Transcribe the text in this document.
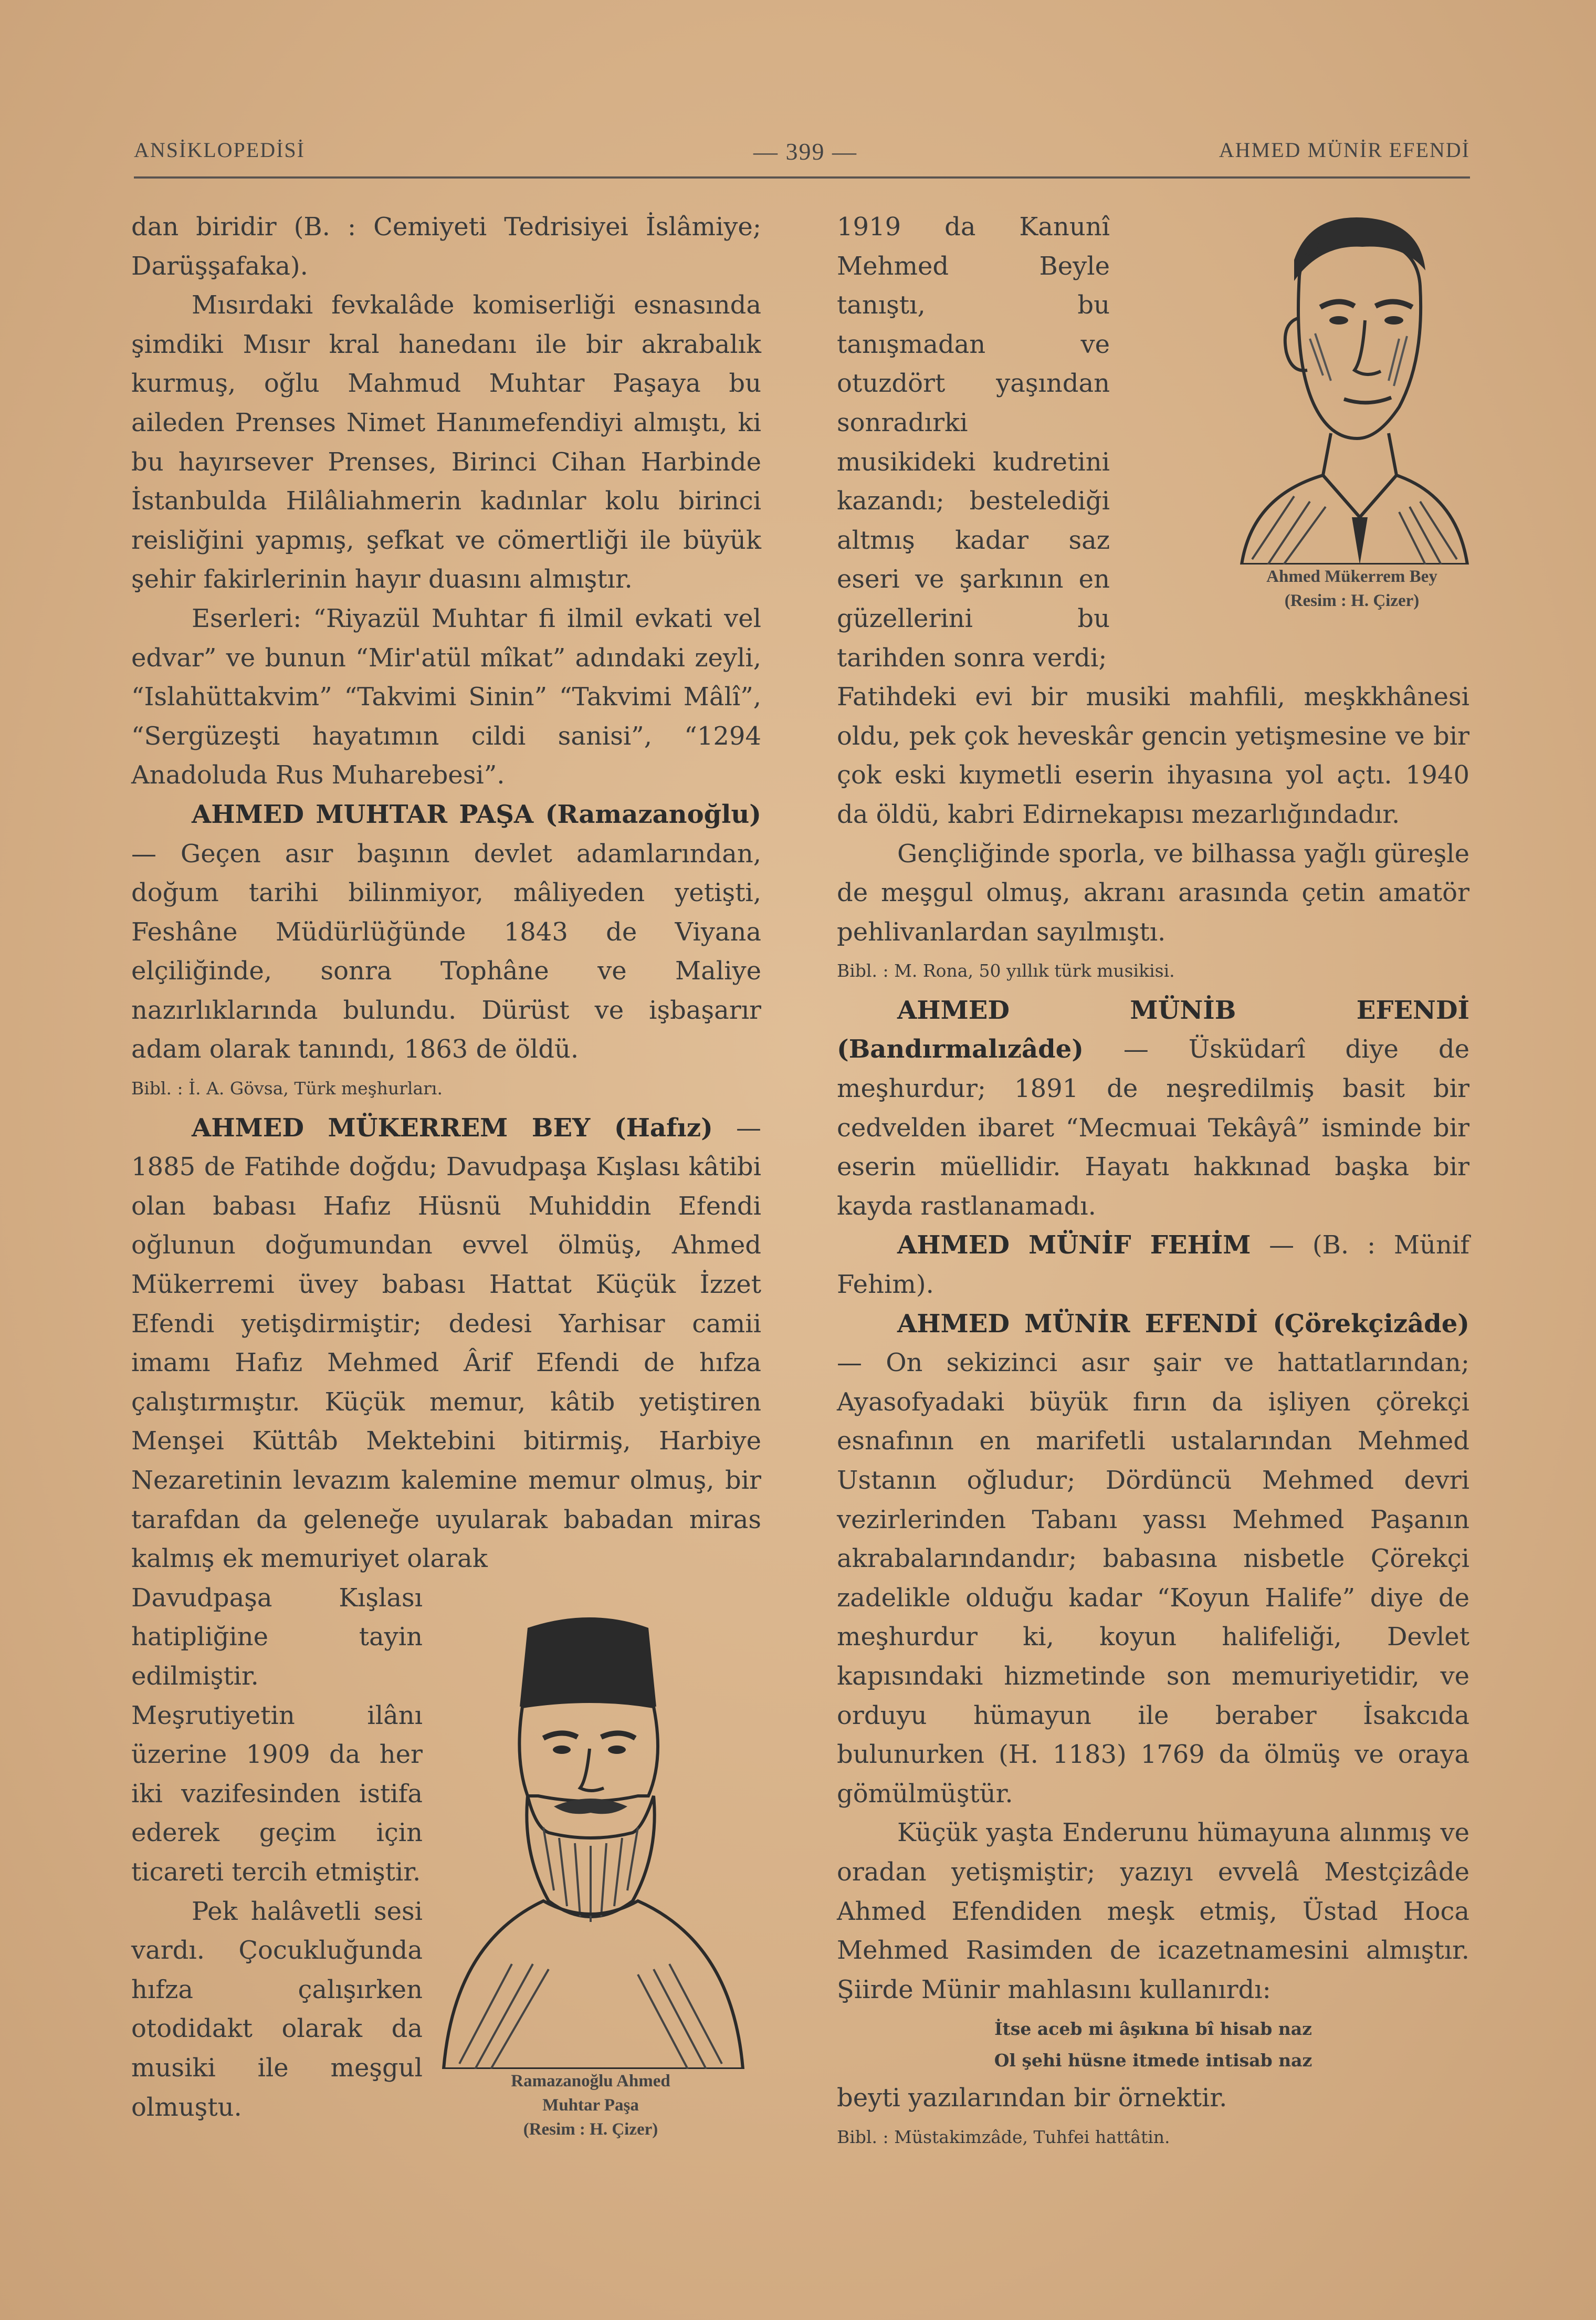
ANSİKLOPEDİSİ	— 399 —	AHMED MÜNİR EFENDİ

dan biridir (B. : Cemiyeti Tedrisiyei İslâmiye; Darüşşafaka).

Mısırdaki fevkalâde komiserliği esnasında şimdiki Mısır kral hanedanı ile bir akrabalık kurmuş, oğlu Mahmud Muhtar Paşaya bu aileden Prenses Nimet Hanımefendiyi almıştı, ki bu hayırsever Prenses, Birinci Cihan Harbinde İstanbulda Hilâliahmerin kadınlar kolu birinci reisliğini yapmış, şefkat ve cömertliği ile büyük şehir fakirlerinin hayır duasını almıştır.

Eserleri: “Riyazül Muhtar fi ilmil evkati vel edvar” ve bunun “Mir'atül mîkat” adındaki zeyli, “Islahüttakvim” “Takvimi Sinin” “Takvimi Mâlî”, “Sergüzeşti hayatımın cildi sanisi”, “1294 Anadoluda Rus Muharebesi”.

AHMED MUHTAR PAŞA (Ramazanoğlu) — Geçen asır başının devlet adamlarından, doğum tarihi bilinmiyor, mâliyeden yetişti, Feshâne Müdürlüğünde 1843 de Viyana elçiliğinde, sonra Tophâne ve Maliye nazırlıklarında bulundu. Dürüst ve işbaşarır adam olarak tanındı, 1863 de öldü.

Bibl. : İ. A. Gövsa, Türk meşhurları.

AHMED MÜKERREM BEY (Hafız) — 1885 de Fatihde doğdu; Davudpaşa Kışlası kâtibi olan babası Hafız Hüsnü Muhiddin Efendi oğlunun doğumundan evvel ölmüş, Ahmed Mükerremi üvey babası Hattat Küçük İzzet Efendi yetişdirmiştir; dedesi Yarhisar camii imamı Hafız Mehmed Ârif Efendi de hıfza çalıştırmıştır. Küçük memur, kâtib yetiştiren Menşei Küttâb Mektebini bitirmiş, Harbiye Nezaretinin levazım kalemine memur olmuş, bir tarafdan da geleneğe uyularak babadan miras kalmış ek memuriyet olarak

Davudpaşa Kışlası hatipliğine tayin edilmiştir. Meşrutiyetin ilânı üzerine 1909 da her iki vazifesinden istifa ederek geçim için ticareti tercih etmiştir.

Pek halâvetli sesi vardı. Çocukluğunda hıfza çalışırken otodidakt olarak da musiki ile meşgul olmuştu.

1919 da Kanunî Mehmed Beyle tanıştı, bu tanışmadan ve otuzdört yaşından sonradırki musikideki kudretini kazandı; bestelediği altmış kadar saz eseri ve şarkının en güzellerini bu tarihden sonra verdi;

Fatihdeki evi bir musiki mahfili, meşkkhânesi oldu, pek çok heveskâr gencin yetişmesine ve bir çok eski kıymetli eserin ihyasına yol açtı. 1940 da öldü, kabri Edirnekapısı mezarlığındadır.

Gençliğinde sporla, ve bilhassa yağlı güreşle de meşgul olmuş, akranı arasında çetin amatör pehlivanlardan sayılmıştı.

Bibl. : M. Rona, 50 yıllık türk musikisi.

AHMED MÜNİB EFENDİ (Bandırmalızâde) — Üsküdarî diye de meşhurdur; 1891 de neşredilmiş basit bir cedvelden ibaret “Mecmuai Tekâyâ” isminde bir eserin müellidir. Hayatı hakkınad başka bir kayda rastlanamadı.

AHMED MÜNİF FEHİM — (B. : Münif Fehim).

AHMED MÜNİR EFENDİ (Çörekçizâde) — On sekizinci asır şair ve hattatlarından; Ayasofyadaki büyük fırın da işliyen çörekçi esnafının en marifetli ustalarından Mehmed Ustanın oğludur; Dördüncü Mehmed devri vezirlerinden Tabanı yassı Mehmed Paşanın akrabalarındandır; babasına nisbetle Çörekçi zadelikle olduğu kadar “Koyun Halife” diye de meşhurdur ki, koyun halifeliği, Devlet kapısındaki hizmetinde son memuriyetidir, ve orduyu hümayun ile beraber İsakcıda bulunurken (H. 1183) 1769 da ölmüş ve oraya gömülmüştür.

Küçük yaşta Enderunu hümayuna alınmış ve oradan yetişmiştir; yazıyı evvelâ Mestçizâde Ahmed Efendiden meşk etmiş, Üstad Hoca Mehmed Rasimden de icazetnamesini almıştır. Şiirde Münir mahlasını kullanırdı:

İtse aceb mi âşıkına bî hisab naz
Ol şehi hüsne itmede intisab naz

beyti yazılarından bir örnektir.

Bibl. : Müstakimzâde, Tuhfei hattâtin.

Ahmed Mükerrem Bey
(Resim : H. Çizer)
Ramazanoğlu Ahmed
Muhtar Paşa
(Resim : H. Çizer)
